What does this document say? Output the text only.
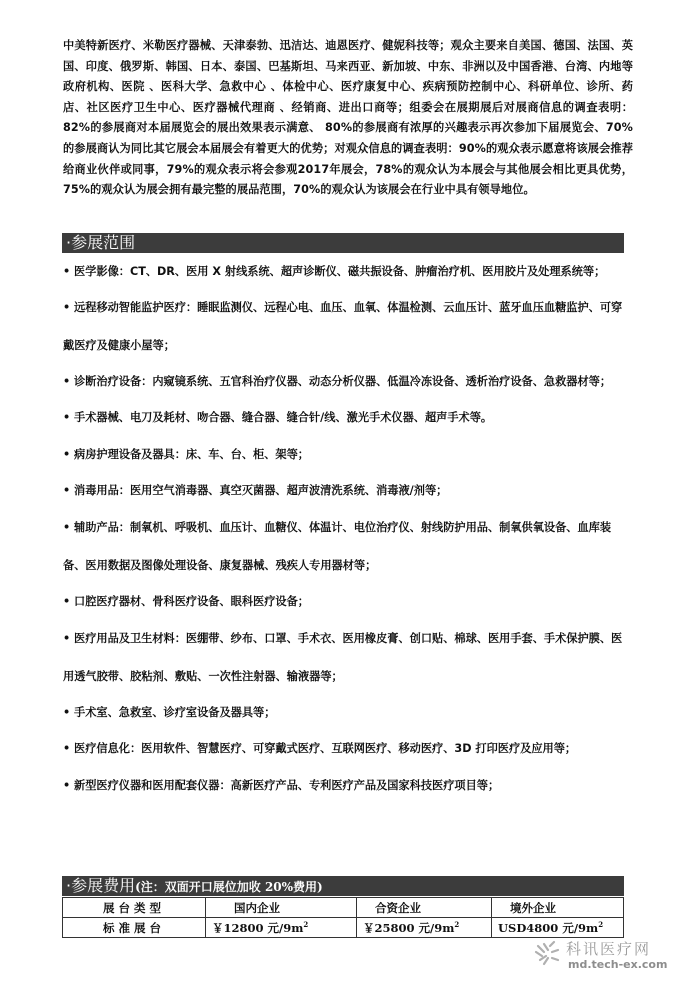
中美特新医疗、米勒医疗器械、天津泰勃、迅洁达、迪恩医疗、健妮科技等；观众主要来自美国、德国、法国、英国、印度、俄罗斯、韩国、日本、泰国、巴基斯坦、马来西亚、新加坡、中东、非洲以及中国香港、台湾、内地等政府机构、医院 、医科大学、急救中心 、体检中心、医疗康复中心、疾病预防控制中心、科研单位、诊所、药店、社区医疗卫生中心、医疗器械代理商 、经销商、进出口商等；组委会在展期展后对展商信息的调查表明：82%的参展商对本届展览会的展出效果表示满意、 80%的参展商有浓厚的兴趣表示再次参加下届展览会、70%的参展商认为同比其它展会本届展会有着更大的优势；对观众信息的调查表明：90%的观众表示愿意将该展会推荐给商业伙伴或同事，79%的观众表示将会参观2017年展会，78%的观众认为本展会与其他展会相比更具优势，75%的观众认为展会拥有最完整的展品范围，70%的观众认为该展会在行业中具有领导地位。
·参展范围
• 医学影像：CT、DR、医用 X 射线系统、超声诊断仪、磁共振设备、肿瘤治疗机、医用胶片及处理系统等；
• 远程移动智能监护医疗：睡眠监测仪、远程心电、血压、血氧、体温检测、云血压计、蓝牙血压血糖监护、可穿戴医疗及健康小屋等；
• 诊断治疗设备：内窥镜系统、五官科治疗仪器、动态分析仪器、低温冷冻设备、透析治疗设备、急救器材等；
• 手术器械、电刀及耗材、吻合器、缝合器、缝合针/线、激光手术仪器、超声手术等。
• 病房护理设备及器具：床、车、台、柜、架等；
• 消毒用品：医用空气消毒器、真空灭菌器、超声波清洗系统、消毒液/剂等；
• 辅助产品：制氧机、呼吸机、血压计、血糖仪、体温计、电位治疗仪、射线防护用品、制氧供氧设备、血库装备、医用数据及图像处理设备、康复器械、残疾人专用器材等；
• 口腔医疗器材、骨科医疗设备、眼科医疗设备；
• 医疗用品及卫生材料：医绷带、纱布、口罩、手术衣、医用橡皮膏、创口贴、棉球、医用手套、手术保护膜、医用透气胶带、胶粘剂、敷贴、一次性注射器、输液器等；
• 手术室、急救室、诊疗室设备及器具等；
• 医疗信息化：医用软件、智慧医疗、可穿戴式医疗、互联网医疗、移动医疗、3D 打印医疗及应用等；
• 新型医疗仪器和医用配套仪器：高新医疗产品、专利医疗产品及国家科技医疗项目等；
·参展费用(注：双面开口展位加收 20%费用)
展台类型	国内企业	合资企业	境外企业
标准展台	￥12800 元$/9m^2$	￥25800 元$/9m^2$	USD4800 元$/9m^2$
科讯医疗网
md.tech-ex.com
